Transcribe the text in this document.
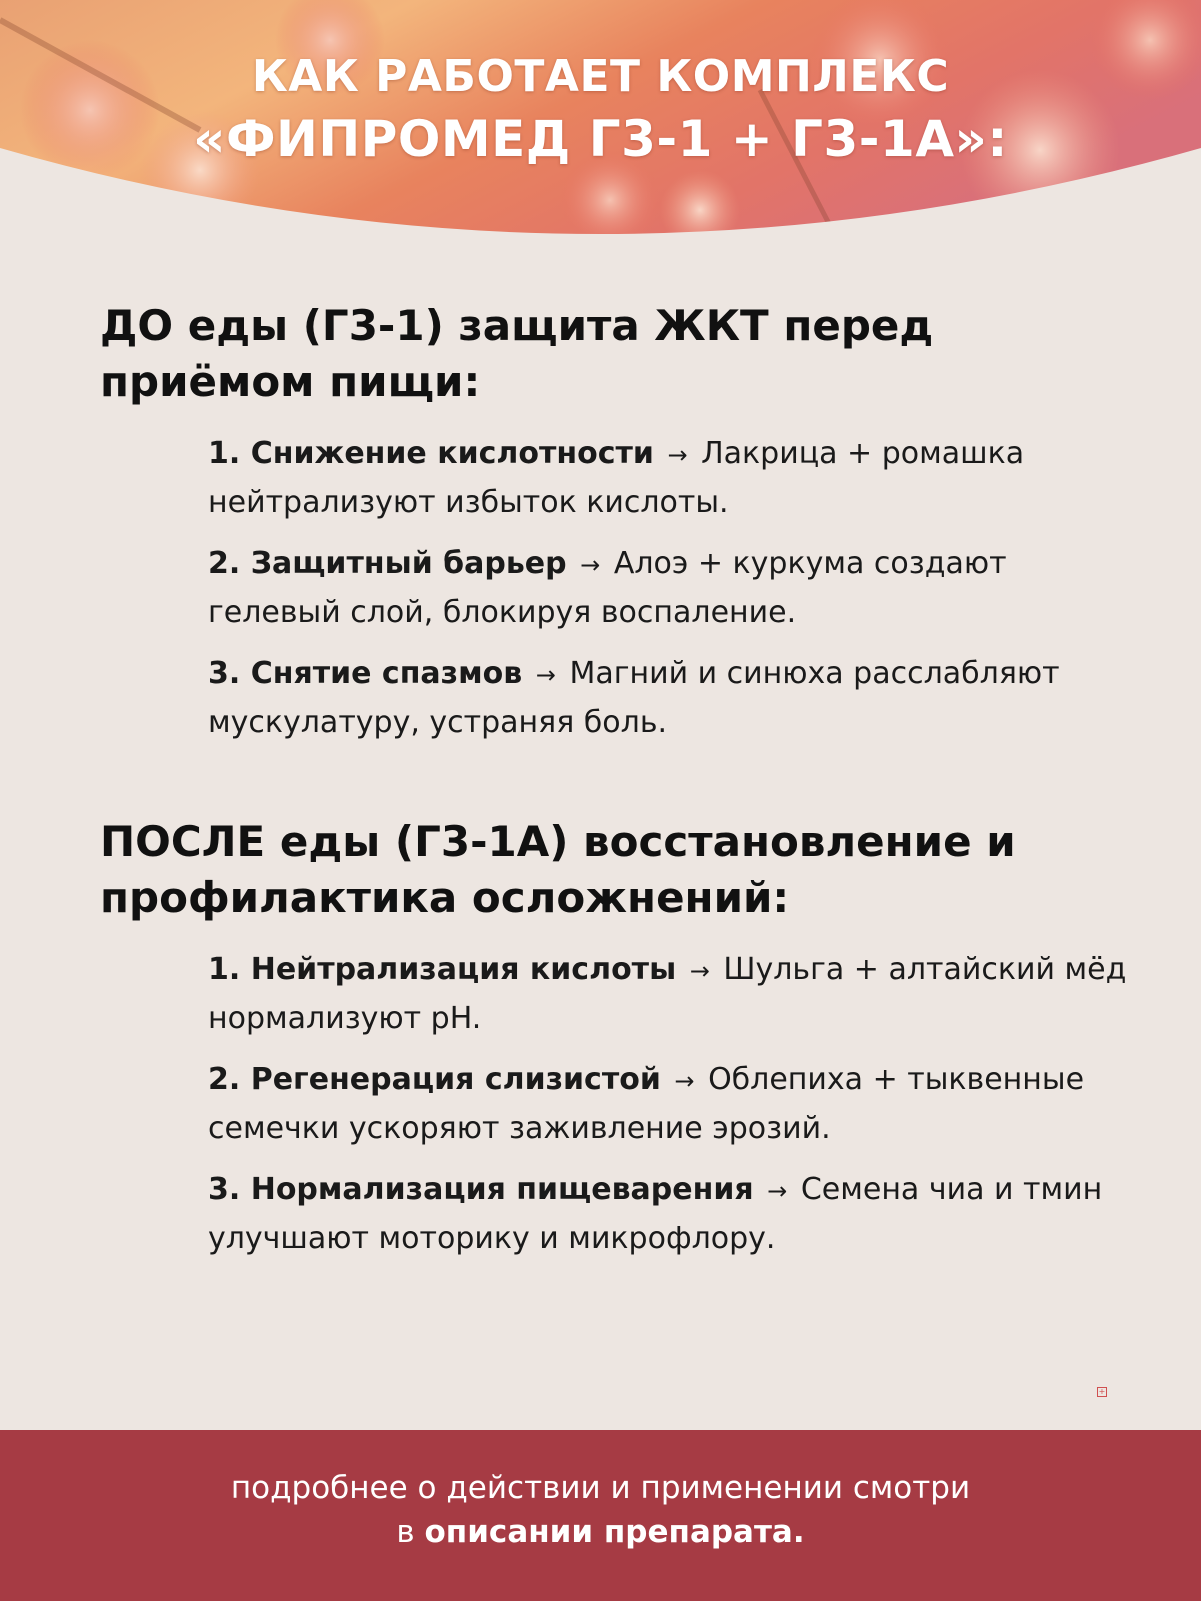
КАК РАБОТАЕТ КОМПЛЕКС
«ФИПРОМЕД Г3-1 + Г3-1А»:
ДО еды (Г3-1) защита ЖКТ перед приёмом пищи:
1. Снижение кислотности → Лакрица + ромашка нейтрализуют избыток кислоты.
2. Защитный барьер → Алоэ + куркума создают гелевый слой, блокируя воспаление.
3. Снятие спазмов → Магний и синюха расслабляют мускулатуру, устраняя боль.
ПОСЛЕ еды (Г3-1А) восстановление и профилактика осложнений:
1. Нейтрализация кислоты → Шульга + алтайский мёд нормализуют pH.
2. Регенерация слизистой → Облепиха + тыквенные семечки ускоряют заживление эрозий.
3. Нормализация пищеварения → Семена чиа и тмин улучшают моторику и микрофлору.
+
подробнее о действии и применении смотри
в описании препарата.
